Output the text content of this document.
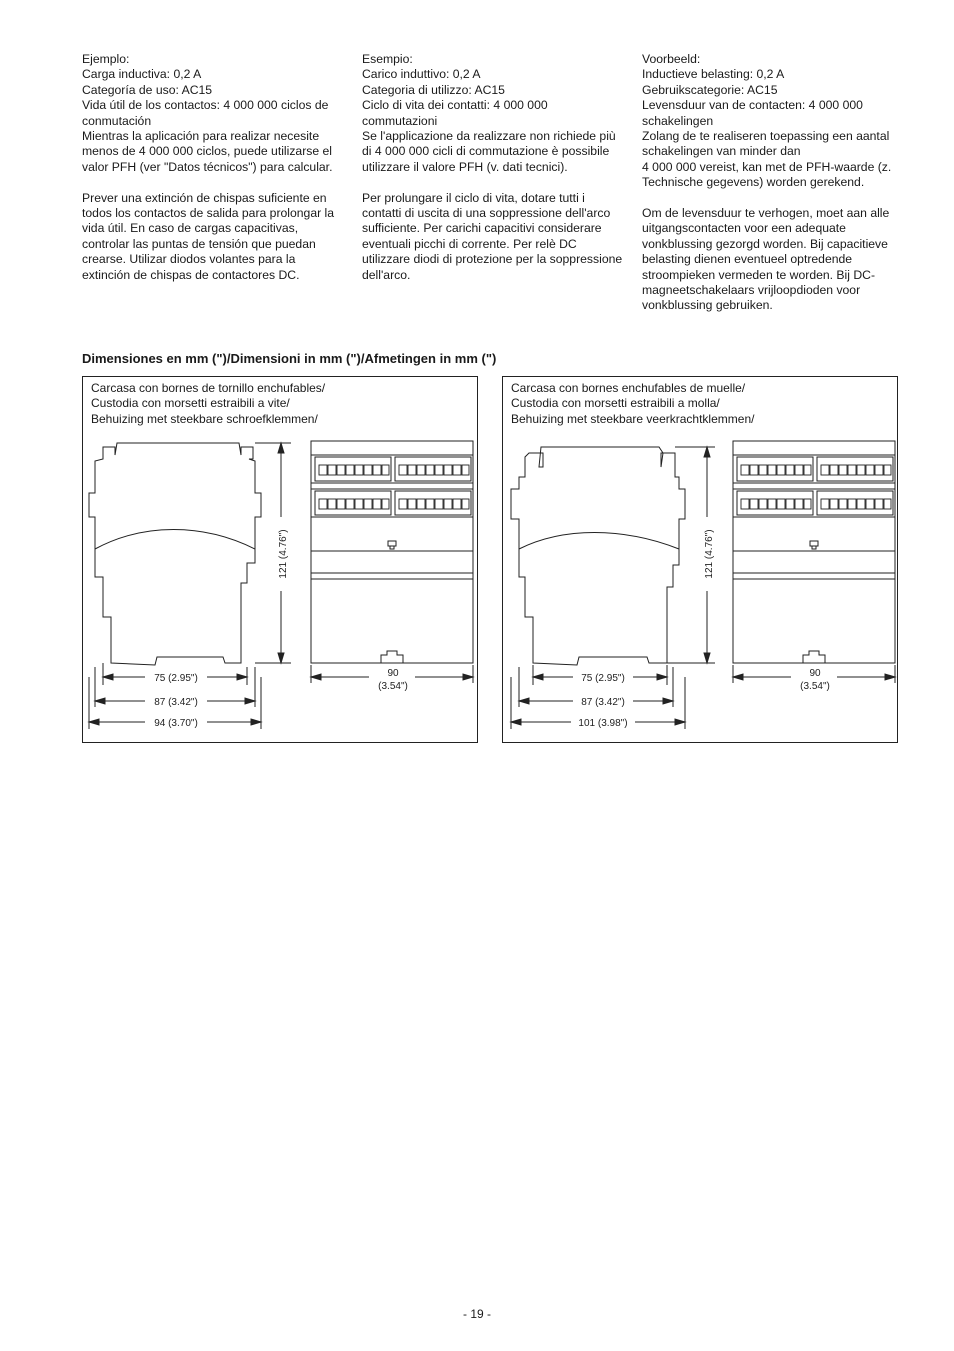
Ejemplo:
Carga inductiva: 0,2 A
Categoría de uso: AC15
Vida útil de los contactos: 4 000 000 ciclos de conmutación
Mientras la aplicación para realizar necesite menos de 4 000 000 ciclos, puede utilizarse el valor PFH (ver "Datos técnicos") para calcular.

Prever una extinción de chispas suficiente en todos los contactos de salida para prolongar la vida útil. En caso de cargas capacitivas, controlar las puntas de tensión que puedan crearse. Utilizar diodos volantes para la extinción de chispas de contactores DC.

Esempio:
Carico induttivo: 0,2 A
Categoria di utilizzo: AC15
Ciclo di vita dei contatti: 4 000 000 commutazioni
Se l'applicazione da realizzare non richiede più di 4 000 000 cicli di commutazione è possibile utilizzare il valore PFH (v. dati tecnici).

Per prolungare il ciclo di vita, dotare tutti i contatti di uscita di una soppressione dell'arco sufficiente. Per carichi capacitivi considerare eventuali picchi di corrente. Per relè DC utilizzare diodi di protezione per la soppressione dell'arco.

Voorbeeld:
Inductieve belasting: 0,2 A
Gebruikscategorie: AC15
Levensduur van de contacten: 4 000 000 schakelingen
Zolang de te realiseren toepassing een aantal schakelingen van minder dan
4 000 000 vereist, kan met de PFH-waarde (z. Technische gegevens) worden gerekend.

Om de levensduur te verhogen, moet aan alle uitgangscontacten voor een adequate vonkblussing gezorgd worden. Bij capacitieve belasting dienen eventueel optredende stroompieken vermeden te worden. Bij DC-magneetschakelaars vrijloopdioden voor vonkblussing gebruiken.

Dimensiones en mm (")/Dimensioni in mm (")/Afmetingen in mm (")
Carcasa con bornes de tornillo enchufables/
Custodia con morsetti estraibili a vite/
Behuizing met steekbare schroefklemmen/
121 (4.76")
90
(3.54")
75 (2.95")
87 (3.42")
94 (3.70")
Carcasa con bornes enchufables de muelle/
Custodia con morsetti estraibili a molla/
Behuizing met steekbare veerkrachtklemmen/
121 (4.76")
90
(3.54")
75 (2.95")
87 (3.42")
101 (3.98")
- 19 -
